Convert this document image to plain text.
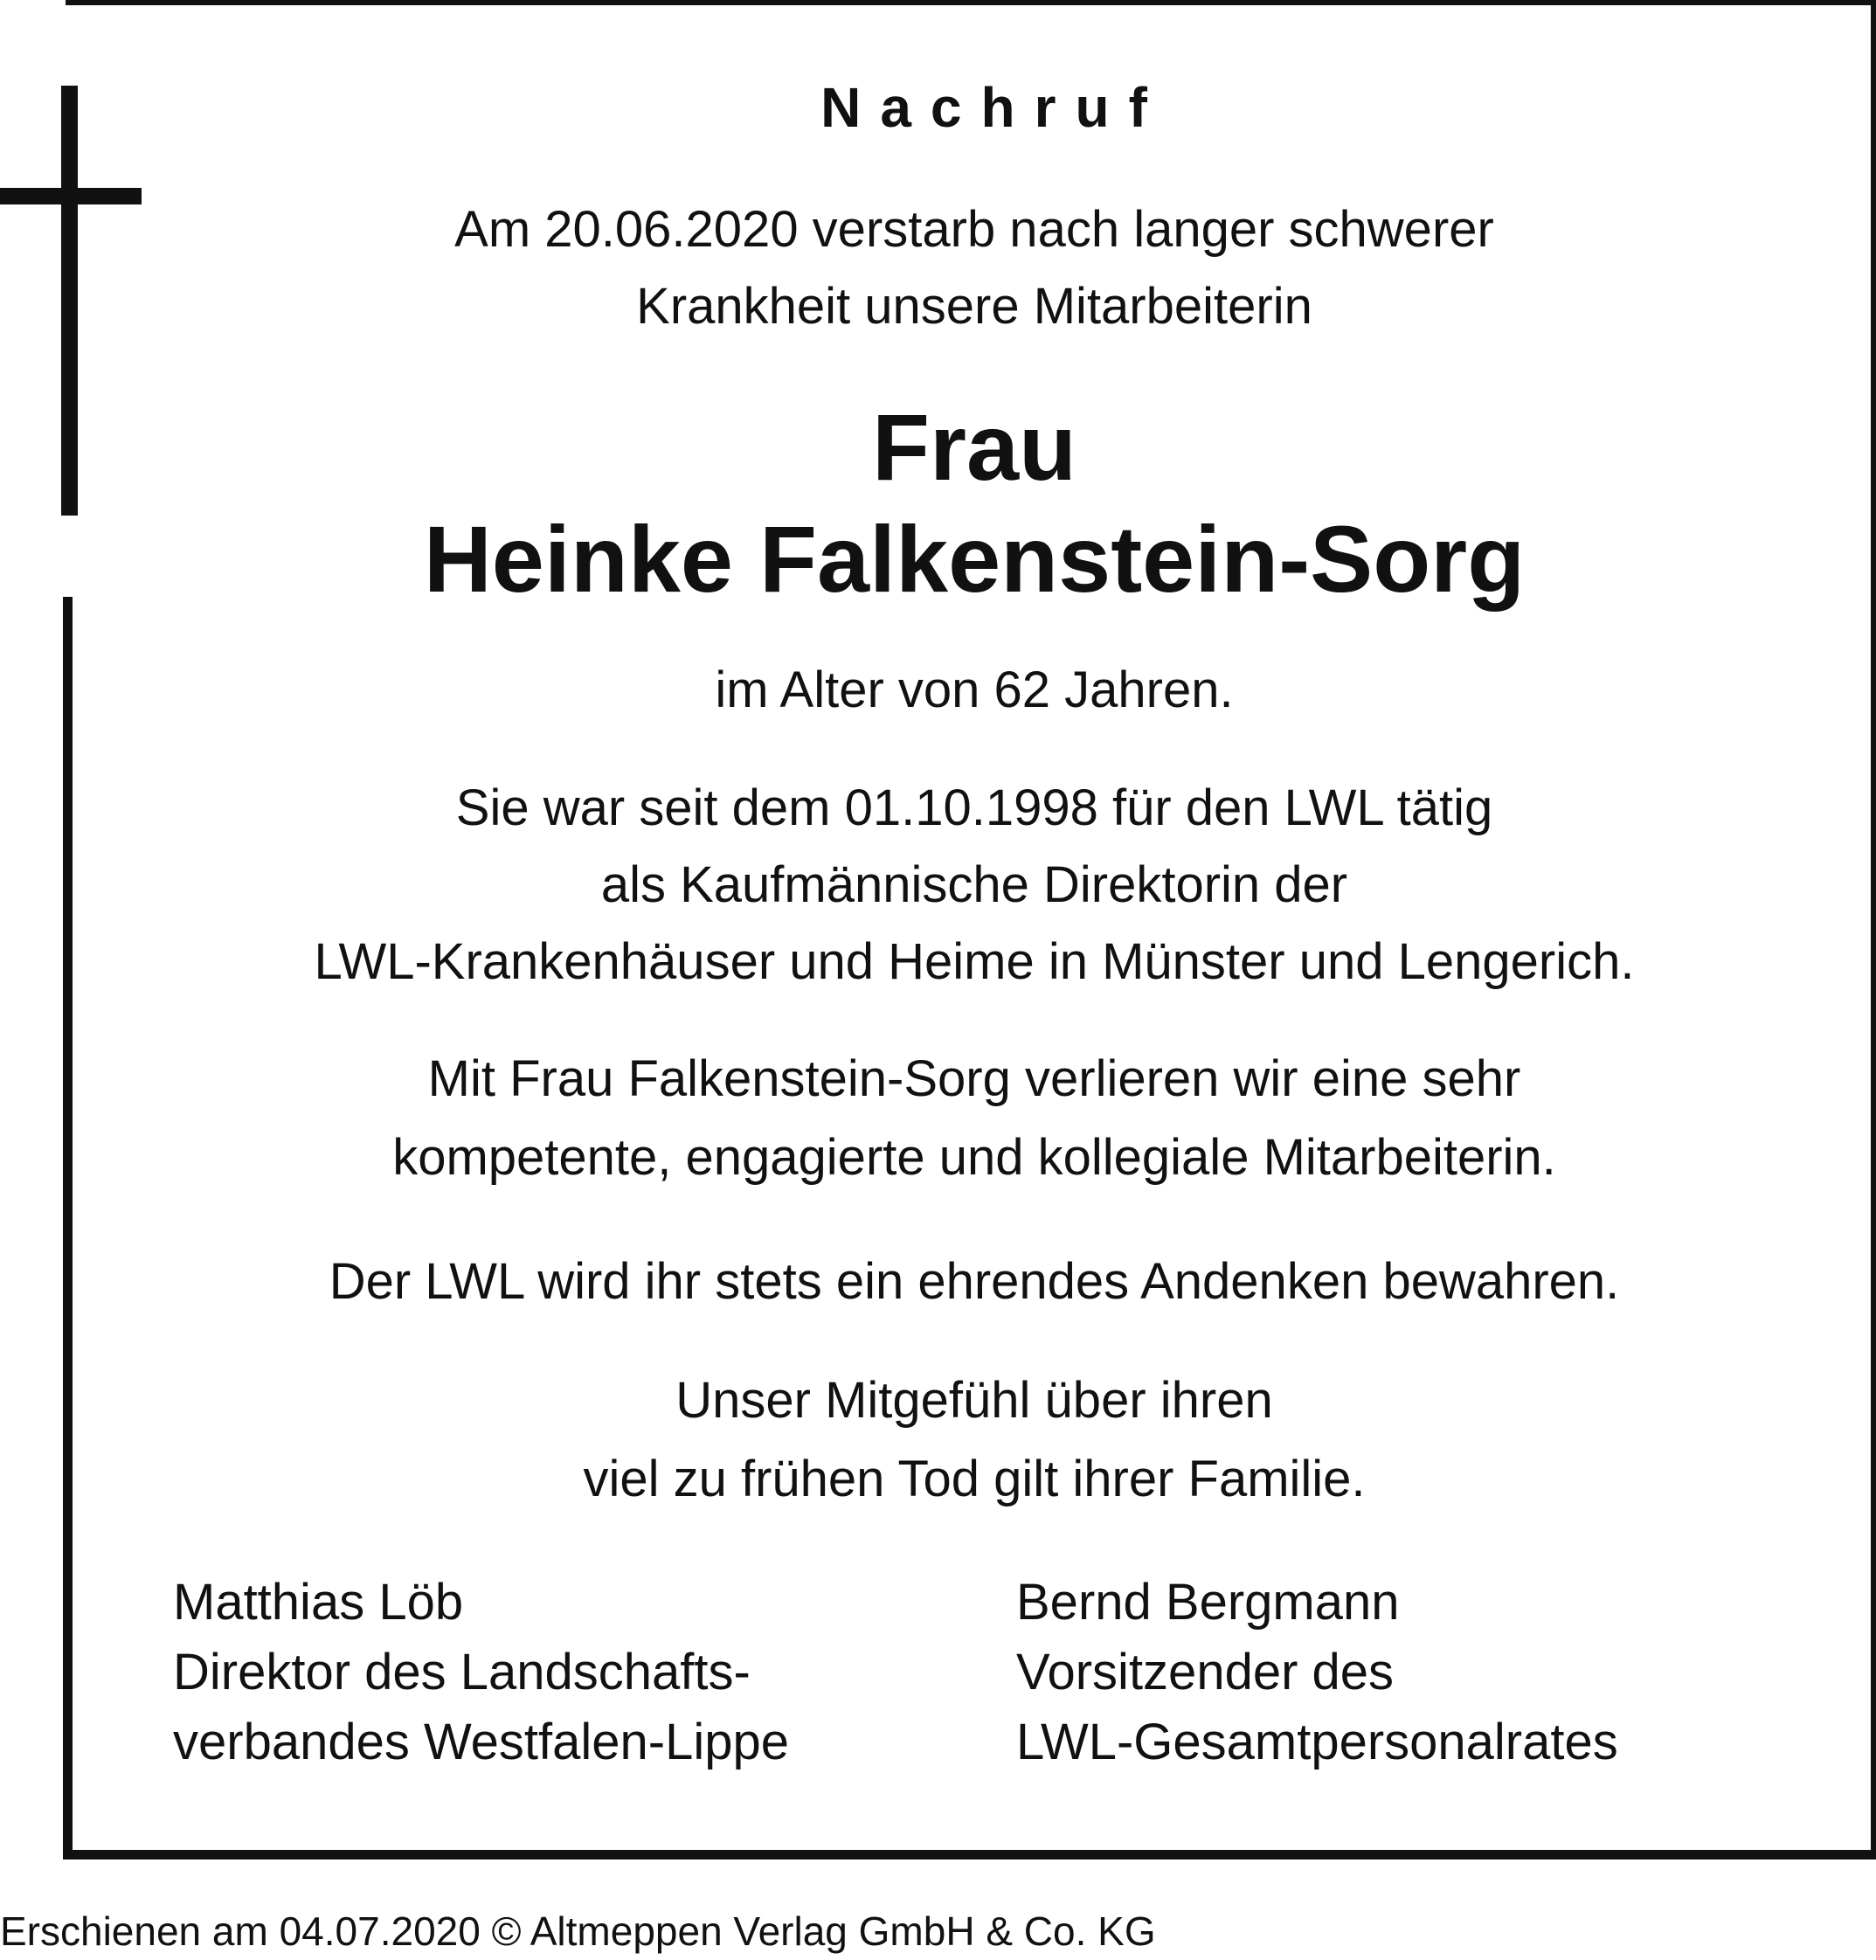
Nachruf
Am 20.06.2020 verstarb nach langer schwerer
Krankheit unsere Mitarbeiterin
Frau
Heinke Falkenstein-Sorg
im Alter von 62 Jahren.
Sie war seit dem 01.10.1998 für den LWL tätig
als Kaufmännische Direktorin der
LWL-Krankenhäuser und Heime in Münster und Lengerich.
Mit Frau Falkenstein-Sorg verlieren wir eine sehr
kompetente, engagierte und kollegiale Mitarbeiterin.
Der LWL wird ihr stets ein ehrendes Andenken bewahren.
Unser Mitgefühl über ihren
viel zu frühen Tod gilt ihrer Familie.
Matthias Löb
Direktor des Landschafts-
verbandes Westfalen-Lippe
Bernd Bergmann
Vorsitzender des
LWL-Gesamtpersonalrates
Erschienen am 04.07.2020 © Altmeppen Verlag GmbH & Co. KG
